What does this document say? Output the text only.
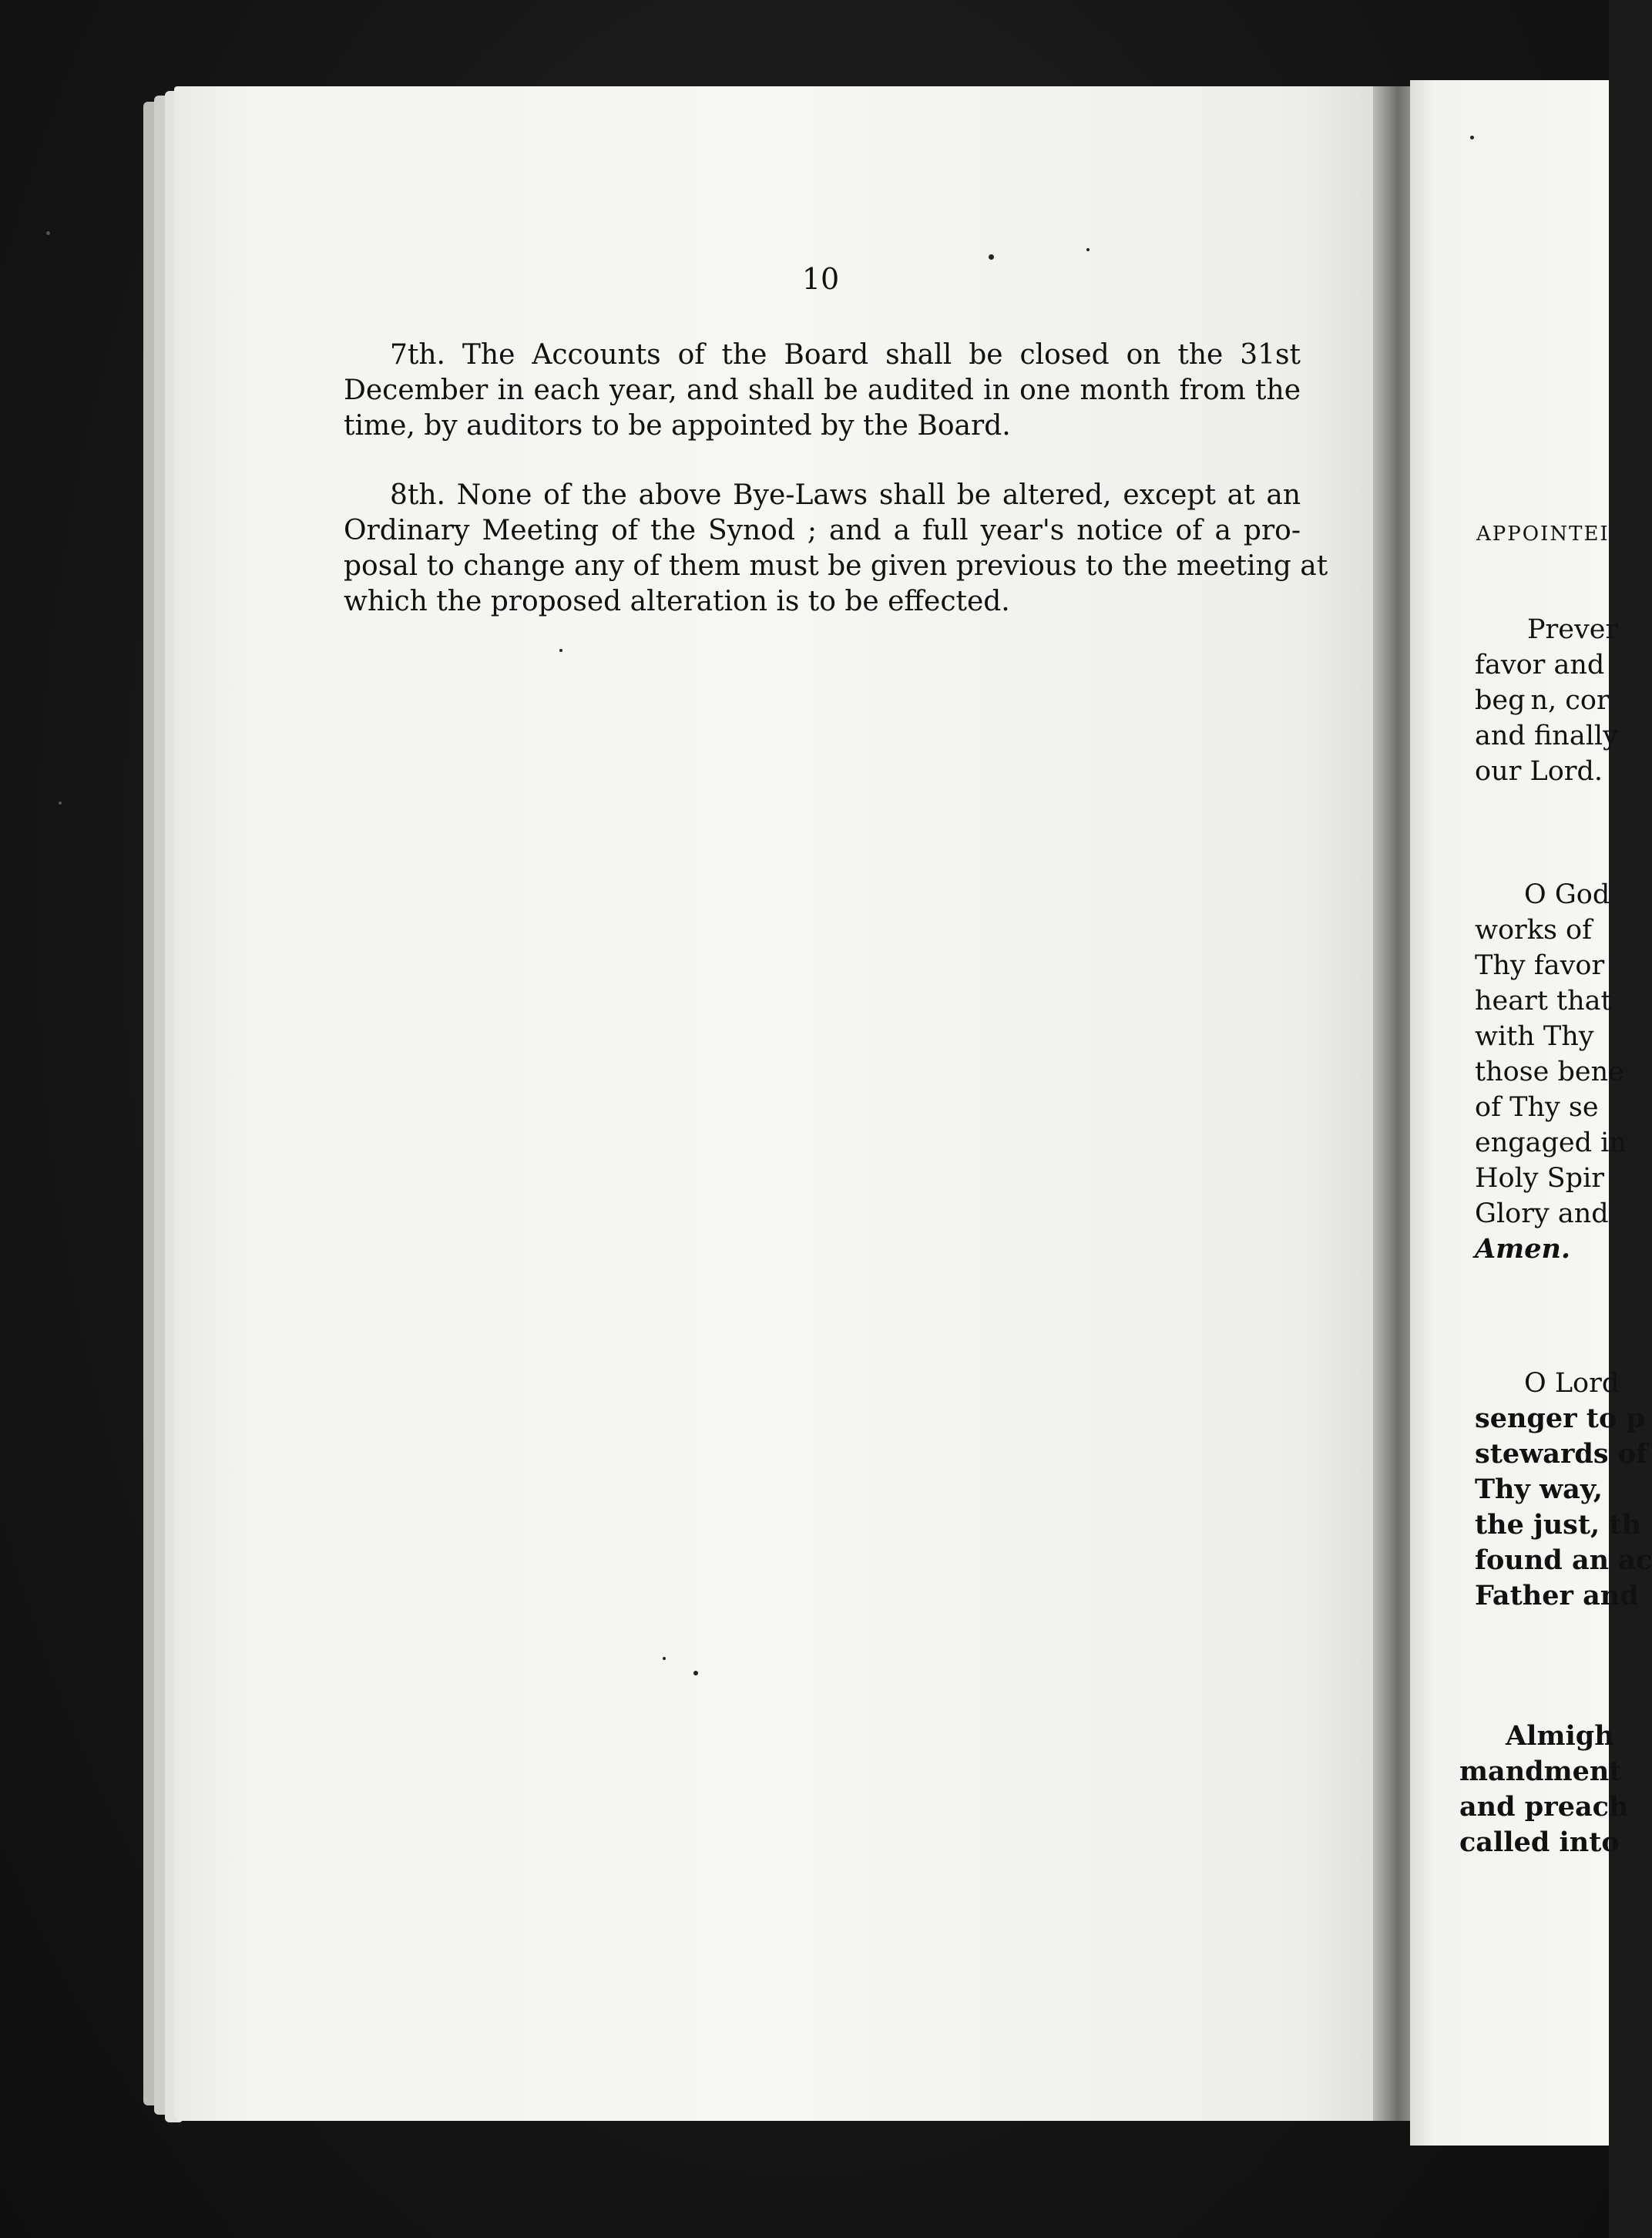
10
7th. The Accounts of the Board shall be closed on the 31st
December in each year, and shall be audited in one month from the
time, by auditors to be appointed by the Board.
8th. None of the above Bye-Laws shall be altered, except at an
Ordinary Meeting of the Synod ; and a full year's notice of a pro-
posal to change any of them must be given previous to the meeting at
which the proposed alteration is to be effected.
APPOINTEI
Prever
favor and
beg n, cor
and finally
our Lord.
O God
works of
Thy favor
heart that
with Thy
those bene
of Thy se
engaged in
Holy Spir
Glory and
Amen.
O Lord
senger to p
stewards of
Thy way,
the just, th
found an ac
Father and
Almigh
mandment
and preach
called into
